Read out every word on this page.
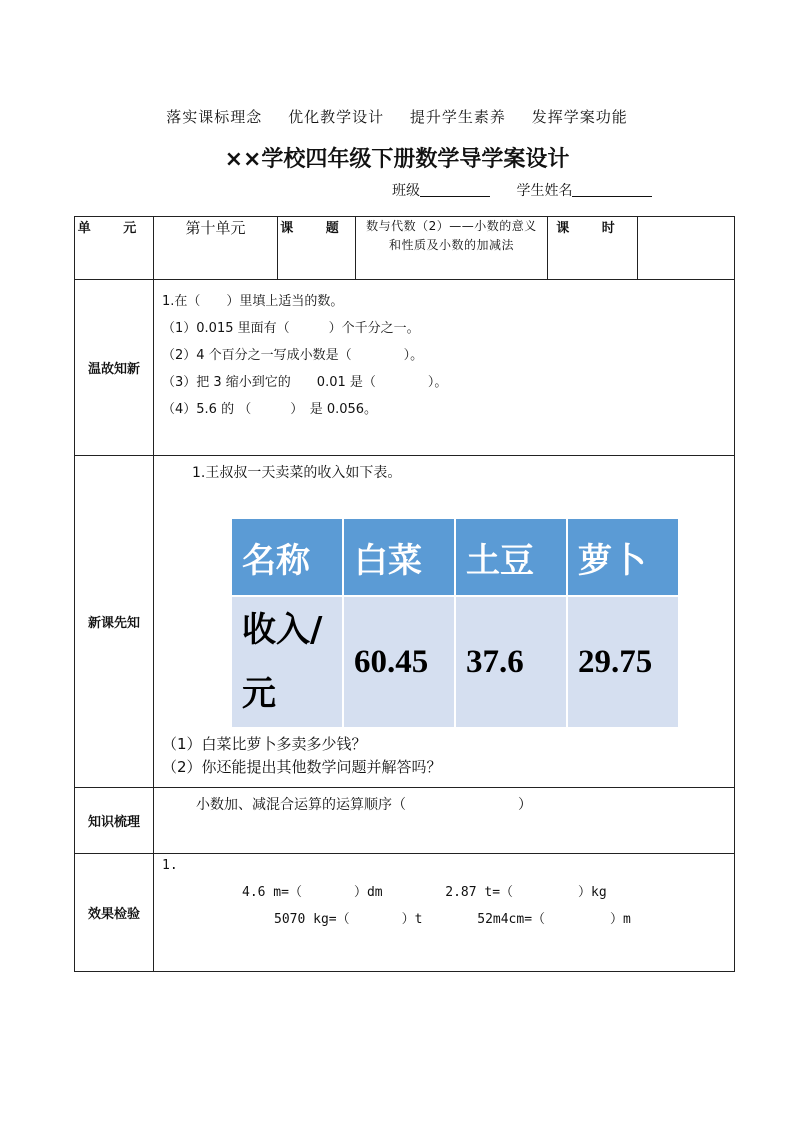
落实课标理念 优化教学设计 提升学生素养 发挥学案功能
××学校四年级下册数学导学案设计
班级	学生姓名
单 元	第十单元	课 题	数与代数（2）——小数的意义和性质及小数的加减法	课 时	
温故知新	

1.在（　　）里填上适当的数。

（1）0.015 里面有（　　　）个千分之一。

（2）4 个百分之一写成小数是（　　　　）。

（3）把 3 缩小到它的　　0.01 是（　　　　）。

（4）5.6 的 （　　　）　是 0.056。

新课先知	
1.王叔叔一天卖菜的收入如下表。
名称	白菜	土豆	萝卜
收入/
元	60.45	37.6	29.75
（1）白菜比萝卜多卖多少钱？
（2）你还能提出其他数学问题并解答吗？

知识梳理	小数加、减混合运算的运算顺序（　　　　　　　　）
效果检验	
1.
4.6 m=（　　　　）dm	2.87 t=（　　　　　）kg
5070 kg=（　　　　）t	52m4cm=（　　　　　）m
